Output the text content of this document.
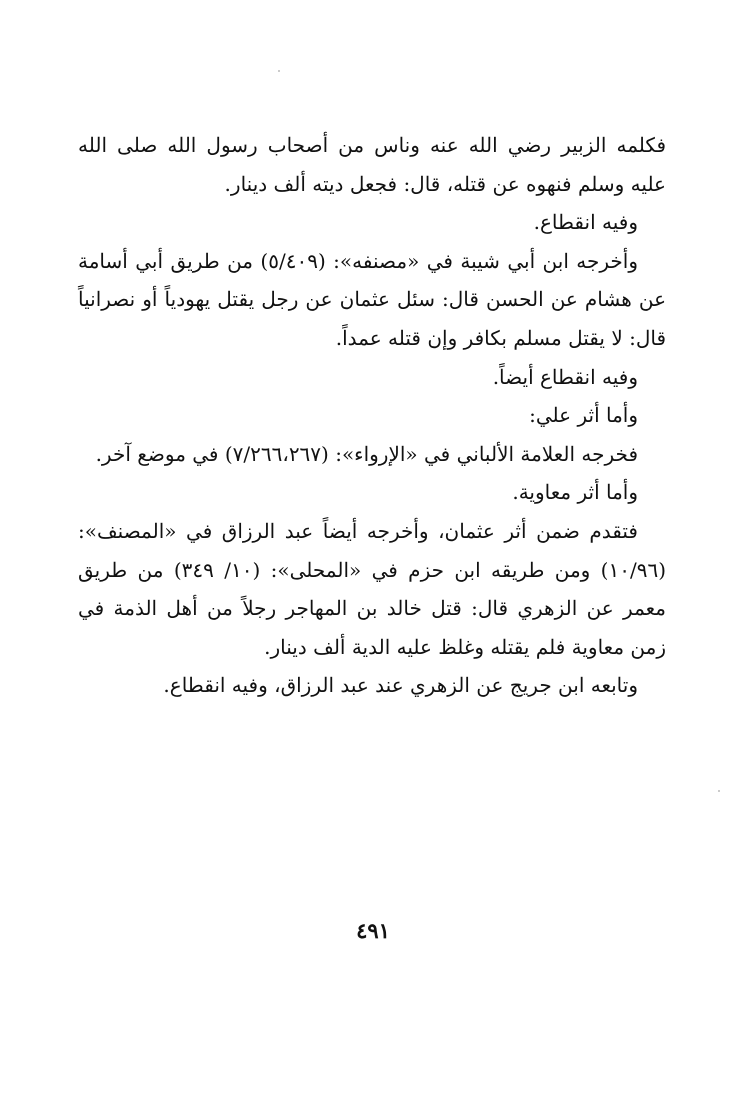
فكلمه الزبير رضي الله عنه وناس من أصحاب رسول الله صلى الله عليه وسلم فنهوه عن قتله، قال: فجعل ديته ألف دينار.

وفيه انقطاع.

وأخرجه ابن أبي شيبة في «مصنفه»: (٥/٤٠٩) من طريق أبي أسامة عن هشام عن الحسن قال: سئل عثمان عن رجل يقتل يهودياً أو نصرانياً قال: لا يقتل مسلم بكافر وإن قتله عمداً.

وفيه انقطاع أيضاً.

وأما أثر علي:

فخرجه العلامة الألباني في «الإرواء»: (٧/٢٦٦،٢٦٧) في موضع آخر.

وأما أثر معاوية.

فتقدم ضمن أثر عثمان، وأخرجه أيضاً عبد الرزاق في «المصنف»: (١٠/٩٦) ومن طريقه ابن حزم في «المحلى»: (١٠/ ٣٤٩) من طريق معمر عن الزهري قال: قتل خالد بن المهاجر رجلاً من أهل الذمة في زمن معاوية فلم يقتله وغلظ عليه الدية ألف دينار.

وتابعه ابن جريج عن الزهري عند عبد الرزاق، وفيه انقطاع.

٤٩١
